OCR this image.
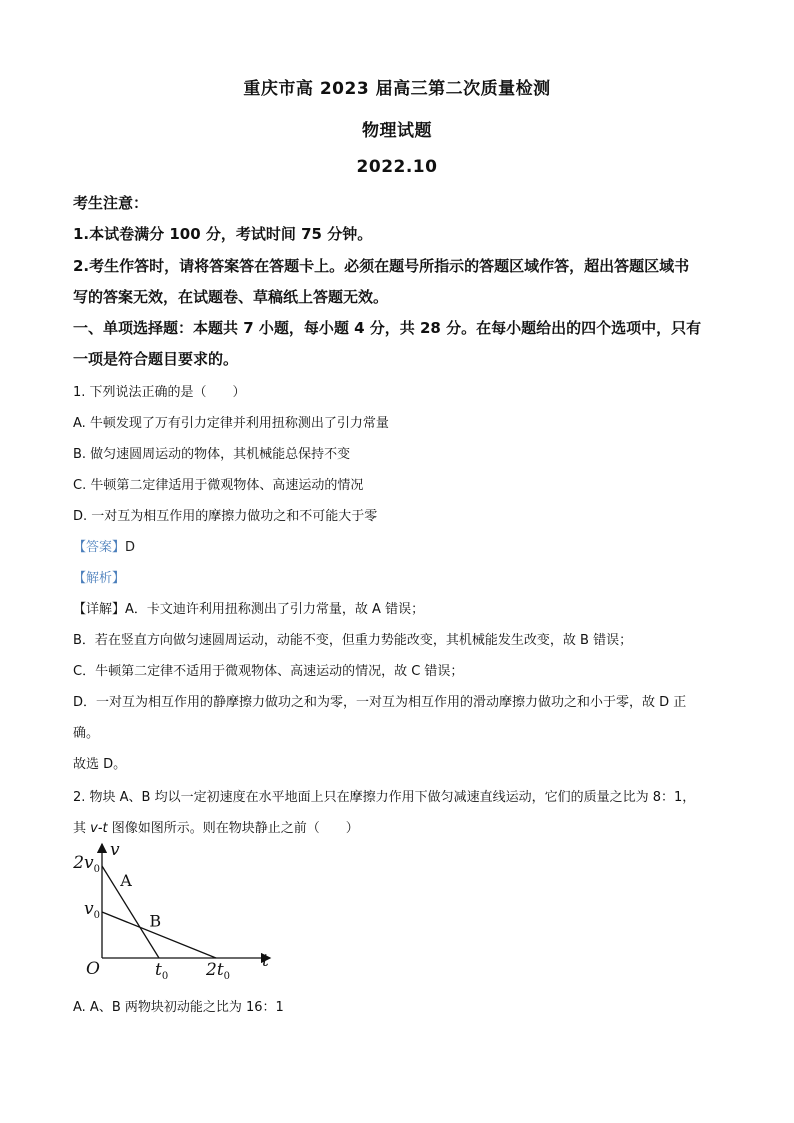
重庆市高 2023 届高三第二次质量检测
物理试题
2022.10
考生注意：
1.本试卷满分 100 分，考试时间 75 分钟。
2.考生作答时，请将答案答在答题卡上。必须在题号所指示的答题区域作答，超出答题区域书
写的答案无效，在试题卷、草稿纸上答题无效。
一、单项选择题：本题共 7 小题，每小题 4 分，共 28 分。在每小题给出的四个选项中，只有
一项是符合题目要求的。
1. 下列说法正确的是（　　）
A. 牛顿发现了万有引力定律并利用扭称测出了引力常量
B. 做匀速圆周运动的物体，其机械能总保持不变
C. 牛顿第二定律适用于微观物体、高速运动的情况
D. 一对互为相互作用的摩擦力做功之和不可能大于零
【答案】D
【解析】
【详解】A．卡文迪许利用扭称测出了引力常量，故 A 错误；
B．若在竖直方向做匀速圆周运动，动能不变，但重力势能改变，其机械能发生改变，故 B 错误；
C．牛顿第二定律不适用于微观物体、高速运动的情况，故 C 错误；
D．一对互为相互作用的静摩擦力做功之和为零，一对互为相互作用的滑动摩擦力做功之和小于零，故 D 正
确。
故选 D。
2. 物块 A、B 均以一定初速度在水平地面上只在摩擦力作用下做匀减速直线运动，它们的质量之比为 8：1，
其 v-t 图像如图所示。则在物块静止之前（　　）
v
t
O
A
B
$v_0$
$2v_0$
$t_0$ $2t_0$
A. A、B 两物块初动能之比为 16：1
